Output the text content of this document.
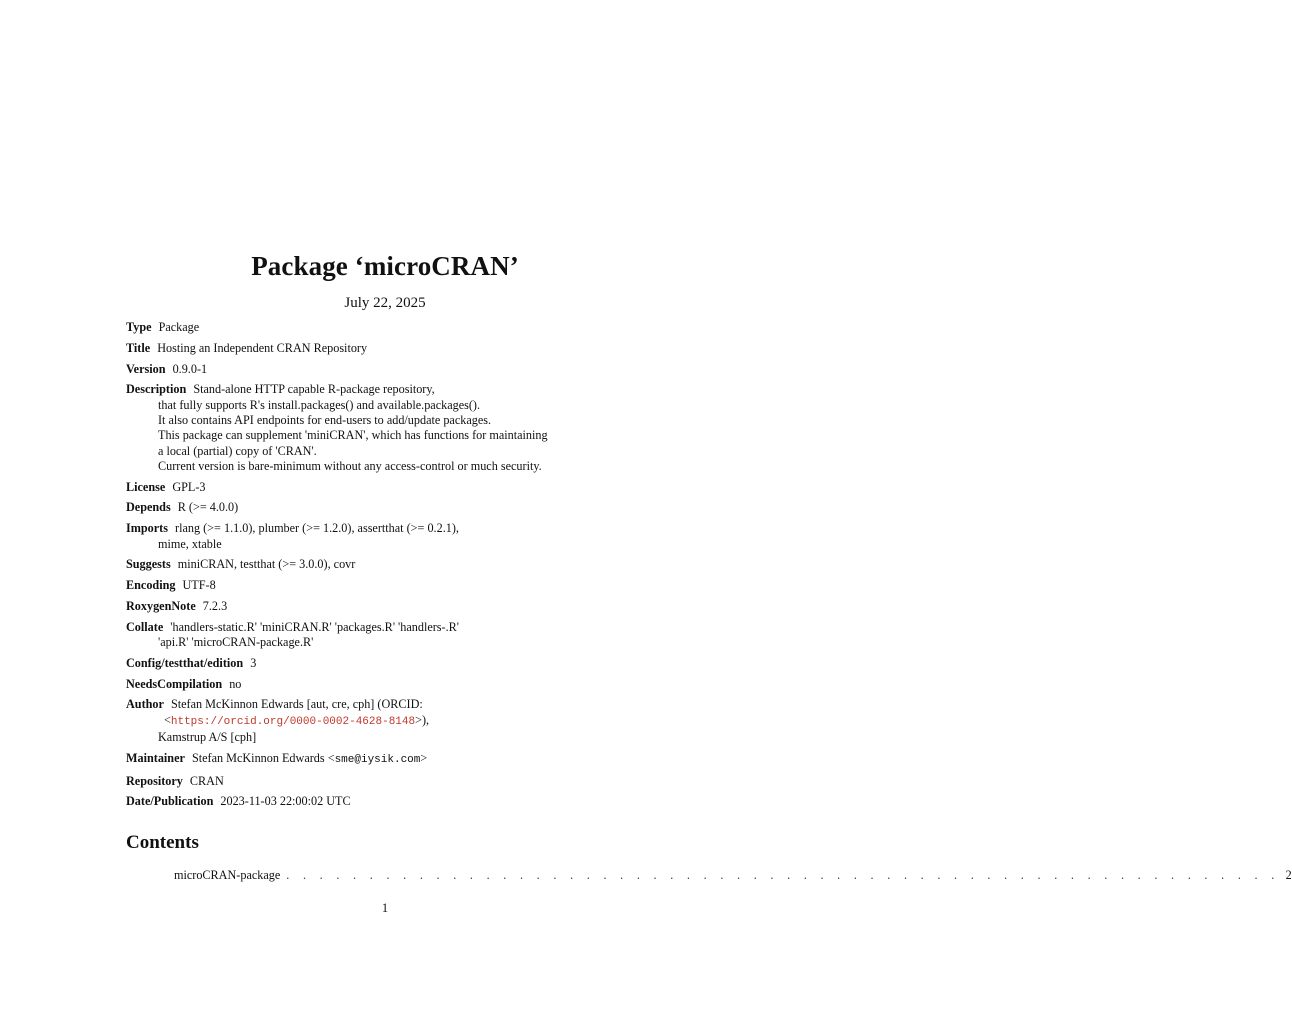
Package ‘microCRAN’
July 22, 2025
Type Package
Title Hosting an Independent CRAN Repository
Version 0.9.0-1
Description Stand-alone HTTP capable R-package repository,
that fully supports R's install.packages() and available.packages().
It also contains API endpoints for end-users to add/update packages.
This package can supplement 'miniCRAN', which has functions for maintaining
a local (partial) copy of 'CRAN'.
Current version is bare-minimum without any access-control or much security.
License GPL-3
Depends R (>= 4.0.0)
Imports rlang (>= 1.1.0), plumber (>= 1.2.0), assertthat (>= 0.2.1),
mime, xtable
Suggests miniCRAN, testthat (>= 3.0.0), covr
Encoding UTF-8
RoxygenNote 7.2.3
Collate 'handlers-static.R' 'miniCRAN.R' 'packages.R' 'handlers-.R'
'api.R' 'microCRAN-package.R'
Config/testthat/edition 3
NeedsCompilation no
Author Stefan McKinnon Edwards [aut, cre, cph] (ORCID:
<https://orcid.org/0000-0002-4628-8148>),
Kamstrup A/S [cph]
Maintainer Stefan McKinnon Edwards <sme@iysik.com>
Repository CRAN
Date/Publication 2023-11-03 22:00:02 UTC
Contents
microCRAN-package . . . . . . . . . . . . . . . . . . . . . . . . . . . . . . . . . . . . . . . . . . . . . . . . . . . . . . . . . . . . 2
1
